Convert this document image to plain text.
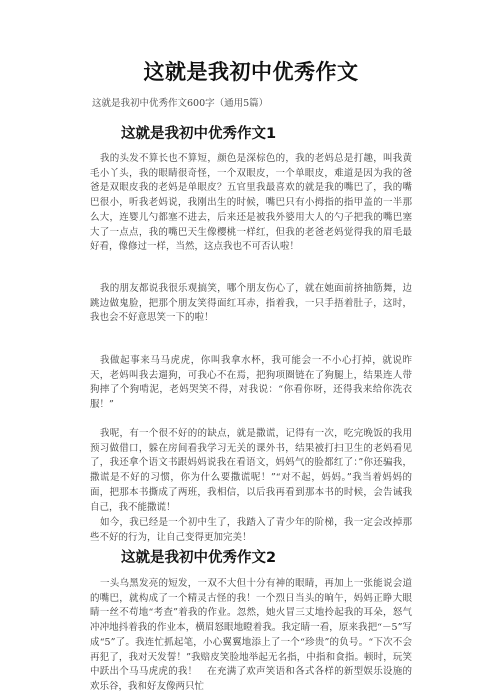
这就是我初中优秀作文
这就是我初中优秀作文600字（通用5篇）
这就是我初中优秀作文1
我的头发不算长也不算短，颜色是深棕色的，我的老妈总是打趣，叫我黄毛小丫头，我的眼睛很奇怪，一个双眼皮，一个单眼皮，难道是因为我的爸爸是双眼皮我的老妈是单眼皮？五官里我最喜欢的就是我的嘴巴了，我的嘴巴很小，听我老妈说，我刚出生的时候，嘴巴只有小拇指的指甲盖的一半那么大，连婴儿勺都塞不进去，后来还是被我外婆用大人的勺子把我的嘴巴塞大了一点点，我的嘴巴天生像樱桃一样红，但我的老爸老妈觉得我的眉毛最好看，像修过一样，当然，这点我也不可否认啦！
我的朋友都说我很乐观搞笑，哪个朋友伤心了，就在她面前挤抽筋舞，边跳边做鬼脸，把那个朋友笑得面红耳赤，指着我，一只手捂着肚子，这时，我也会不好意思笑一下的啦！
我做起事来马马虎虎，你叫我拿水杯，我可能会一不小心打掉，就说昨天，老妈叫我去遛狗，可我心不在焉，把狗项圈链在了狗腿上，结果连人带狗摔了个狗啃泥，老妈哭笑不得，对我说：“你看你呀，还得我来给你洗衣服！”
我呢，有一个很不好的的缺点，就是撒谎，记得有一次，吃完晚饭的我用预习做借口，躲在房间看我学习无关的课外书，结果被打扫卫生的老妈看见了，我还拿个语文书跟妈妈说我在看语文，妈妈气的脸都红了：”你还骗我，撒谎是不好的习惯，你为什么要撒谎呢！”“对不起，妈妈。”我当着妈妈的面，把那本书撕成了两班，我相信，以后我再看到那本书的时候，会告诫我自己，我不能撒谎！
如今，我已经是一个初中生了，我踏入了青少年的阶梯，我一定会改掉那些不好的行为，让自己变得更加完美！
这就是我初中优秀作文2
一头乌黑发亮的短发，一双不大但十分有神的眼睛，再加上一张能说会道的嘴巴，就构成了一个精灵古怪的我！一个烈日当头的晌午，妈妈正睁大眼睛一丝不苟地“考查”着我的作业。忽然，她火冒三丈地拎起我的耳朵，怒气冲冲地抖着我的作业本，横眉怒眼地瞪着我。我定睛一看，原来我把“－5”写成“5”了。我连忙抓起笔，小心翼翼地添上了一个“珍贵”的负号。“下次不会再犯了，我对天发誓！”我赔皮笑脸地举起无名指，中指和食指。顿时，玩笑中跃出个马马虎虎的我！　在充满了欢声笑语和各式各样的新型娱乐设施的欢乐谷，我和好友像两只忙
